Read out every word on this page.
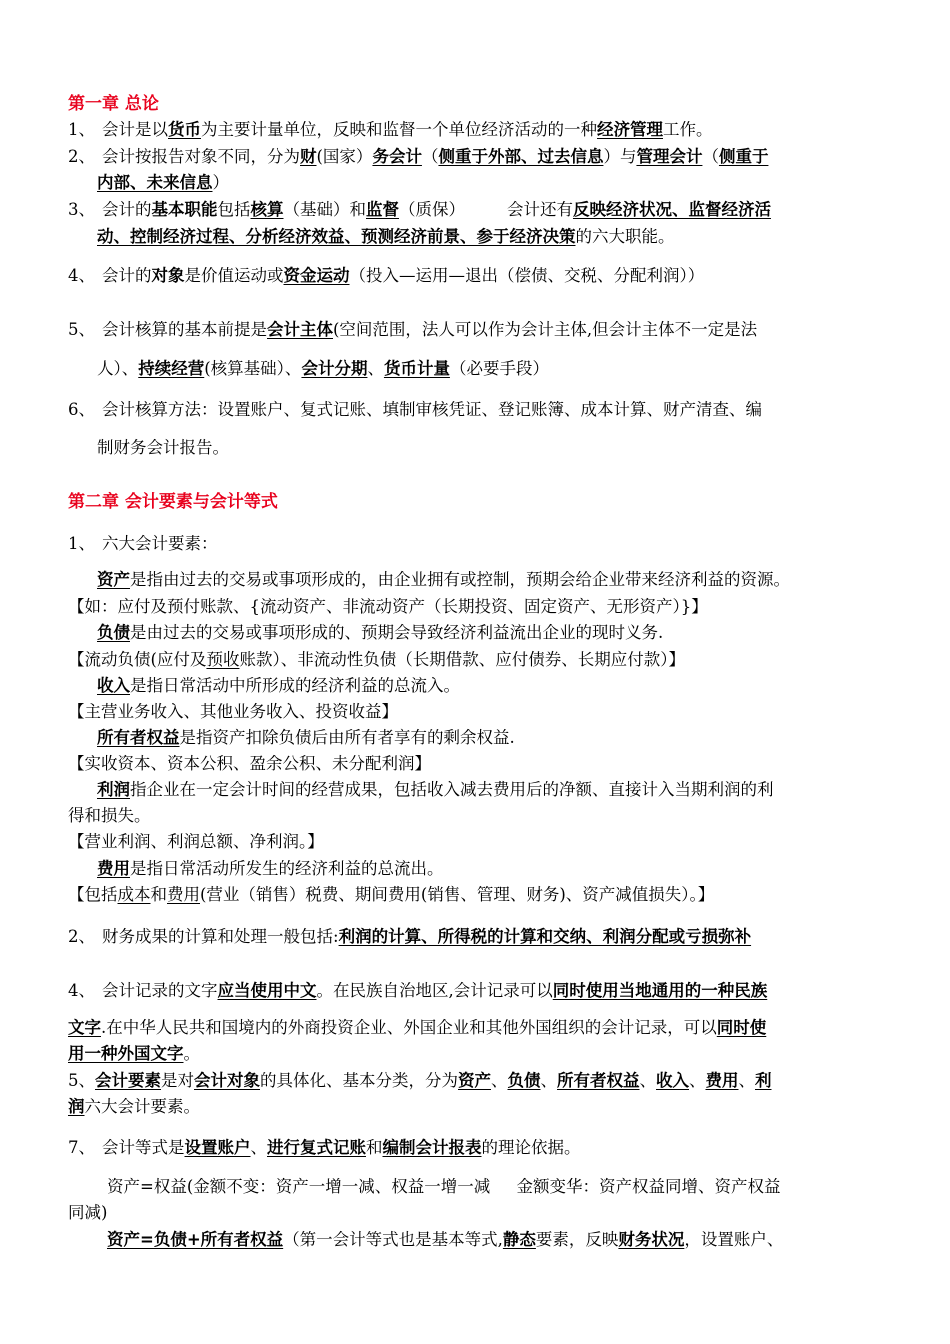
第一章 总论
1、 会计是以货币为主要计量单位，反映和监督一个单位经济活动的一种经济管理工作。
2、 会计按报告对象不同，分为财(国家）务会计（侧重于外部、过去信息）与管理会计（侧重于
内部、未来信息）
3、 会计的基本职能包括核算（基础）和监督（质保）        会计还有反映经济状况、监督经济活
动、控制经济过程、分析经济效益、预测经济前景、参于经济决策的六大职能。
4、 会计的对象是价值运动或资金运动（投入—运用—退出（偿债、交税、分配利润））
5、 会计核算的基本前提是会计主体(空间范围，法人可以作为会计主体,但会计主体不一定是法
人）、持续经营(核算基础）、会计分期、货币计量（必要手段）
6、 会计核算方法：设置账户、复式记账、填制审核凭证、登记账簿、成本计算、财产清查、编
制财务会计报告。
第二章 会计要素与会计等式
1、 六大会计要素：
资产是指由过去的交易或事项形成的，由企业拥有或控制，预期会给企业带来经济利益的资源。
【如：应付及预付账款、{流动资产、非流动资产（长期投资、固定资产、无形资产）}】
负债是由过去的交易或事项形成的、预期会导致经济利益流出企业的现时义务.
【流动负债(应付及预收账款）、非流动性负债（长期借款、应付债券、长期应付款）】
收入是指日常活动中所形成的经济利益的总流入。
【主营业务收入、其他业务收入、投资收益】
所有者权益是指资产扣除负债后由所有者享有的剩余权益.
【实收资本、资本公积、盈余公积、未分配利润】
利润指企业在一定会计时间的经营成果，包括收入减去费用后的净额、直接计入当期利润的利
得和损失。
【营业利润、利润总额、净利润。】
费用是指日常活动所发生的经济利益的总流出。
【包括成本和费用(营业（销售）税费、期间费用(销售、管理、财务)、资产减值损失）。】
2、 财务成果的计算和处理一般包括:利润的计算、所得税的计算和交纳、利润分配或亏损弥补
4、 会计记录的文字应当使用中文。在民族自治地区,会计记录可以同时使用当地通用的一种民族
文字.在中华人民共和国境内的外商投资企业、外国企业和其他外国组织的会计记录，可以同时使
用一种外国文字。
5、会计要素是对会计对象的具体化、基本分类，分为资产、负债、所有者权益、收入、费用、利
润六大会计要素。
7、 会计等式是设置账户、进行复式记账和编制会计报表的理论依据。
资产=权益(金额不变：资产一增一减、权益一增一减     金额变华：资产权益同增、资产权益
同减)
资产=负债+所有者权益（第一会计等式也是基本等式,静态要素，反映财务状况，设置账户、
